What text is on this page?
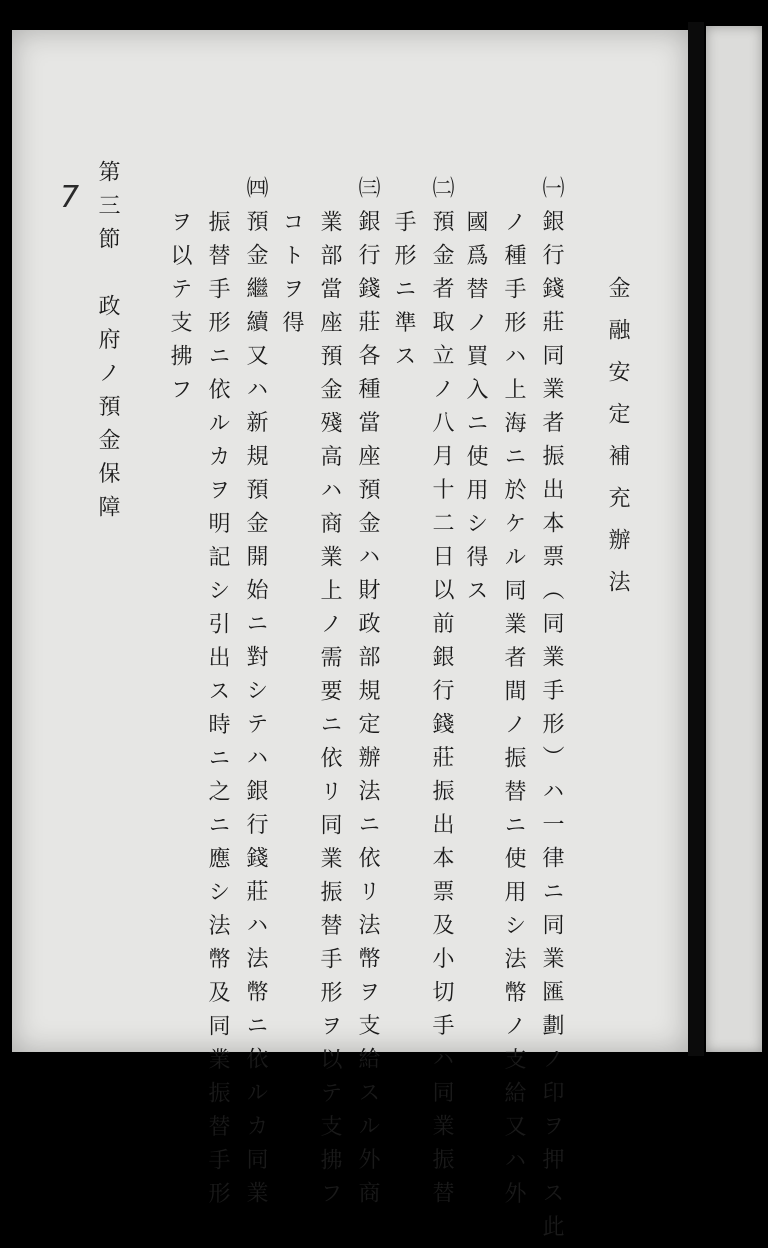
7
金融安定補充辦法
㈠銀行錢莊同業者振出本票（同業手形）ハ一律ニ同業匯劃ノ印ヲ押ス此
ノ種手形ハ上海ニ於ケル同業者間ノ振替ニ使用シ法幣ノ支給又ハ外
國爲替ノ買入ニ使用シ得ス
㈡預金者取立ノ八月十二日以前銀行錢莊振出本票及小切手ハ同業振替
手形ニ準ス
㈢銀行錢莊各種當座預金ハ財政部規定辦法ニ依リ法幣ヲ支給スル外商
業部當座預金殘高ハ商業上ノ需要ニ依リ同業振替手形ヲ以テ支拂フ
コトヲ得
㈣預金繼續又ハ新規預金開始ニ對シテハ銀行錢莊ハ法幣ニ依ルカ同業
振替手形ニ依ルカヲ明記シ引出ス時ニ之ニ應シ法幣及同業振替手形
ヲ以テ支拂フ
第三節　政府ノ預金保障
